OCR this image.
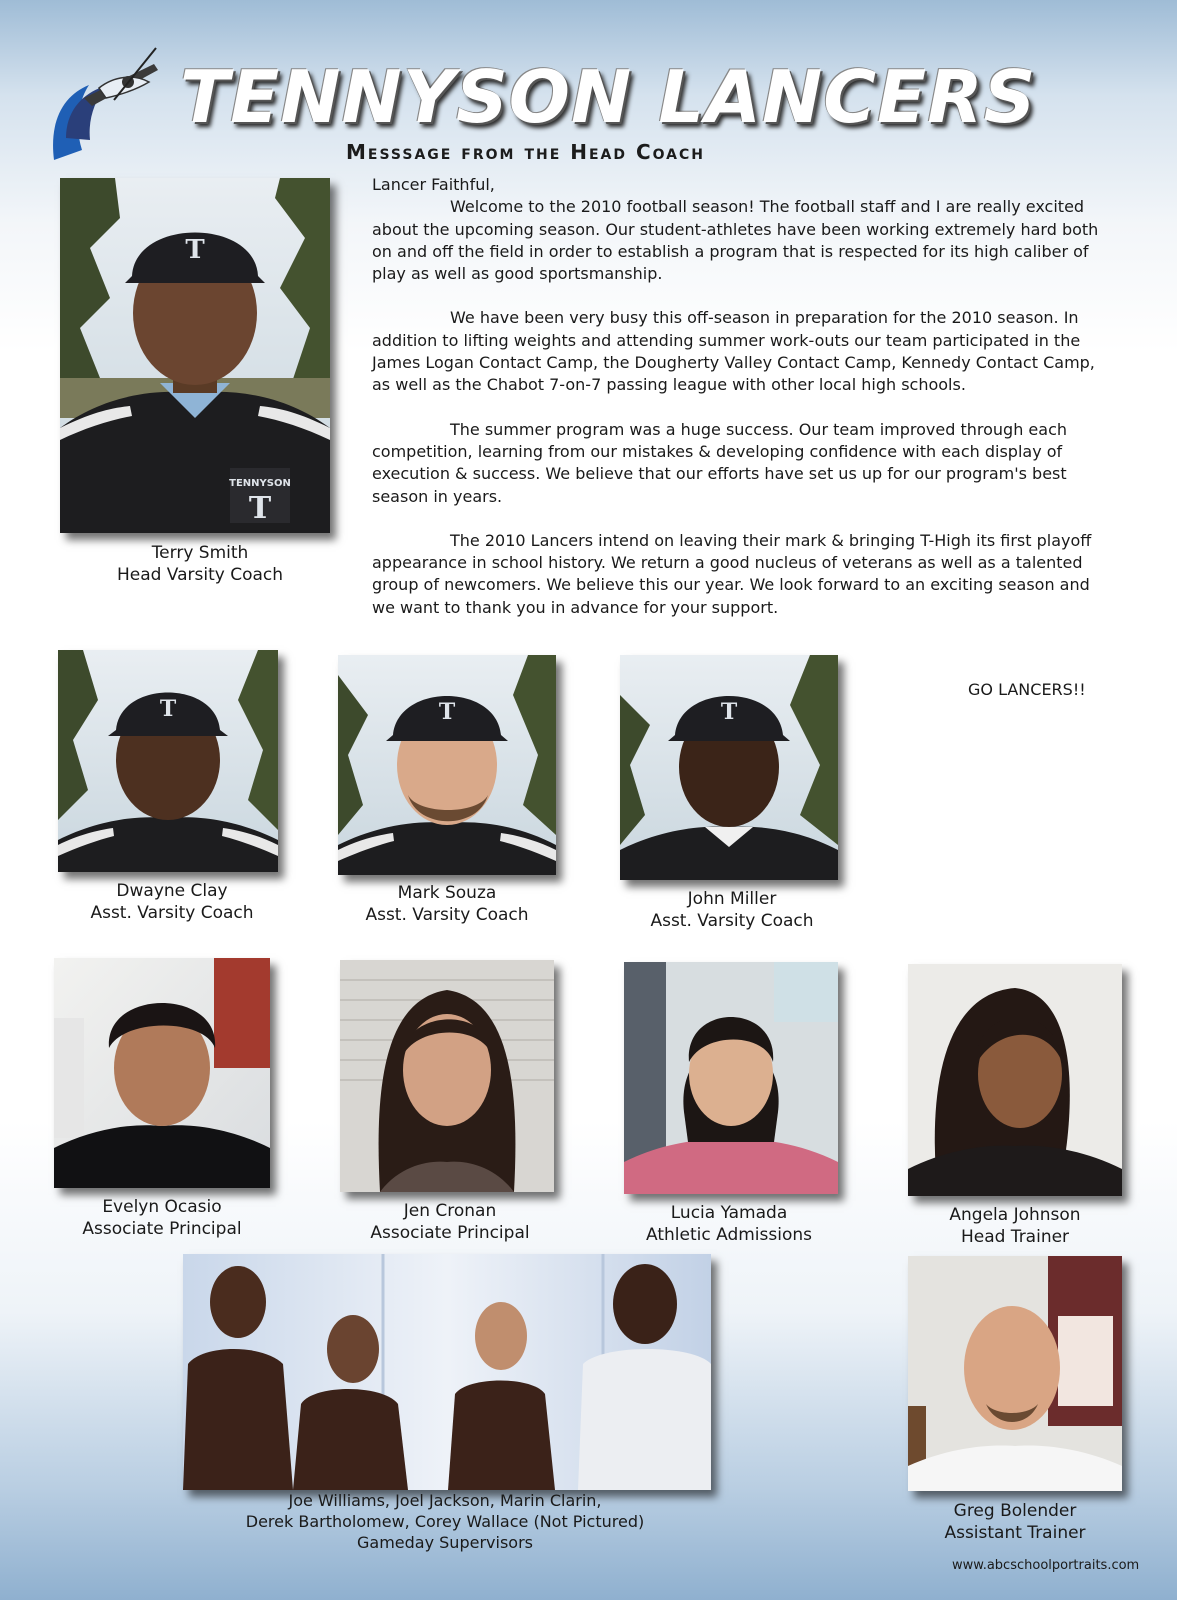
TENNYSON LANCERS
Messsage from the Head Coach

Lancer Faithful,

Welcome to the 2010 football season! The football staff and I are really excited about the upcoming season. Our student-athletes have been working extremely hard both on and off the field in order to establish a program that is respected for its high caliber of play as well as good sportsmanship.

We have been very busy this off-season in preparation for the 2010 season. In addition to lifting weights and attending summer work-outs our team participated in the James Logan Contact Camp, the Dougherty Valley Contact Camp, Kennedy Contact Camp, as well as the Chabot 7-on-7 passing league with other local high schools.

The summer program was a huge success. Our team improved through each competition, learning from our mistakes & developing confidence with each display of execution & success. We believe that our efforts have set us up for our program's best season in years.

The 2010 Lancers intend on leaving their mark & bringing T-High its first playoff appearance in school history. We return a good nucleus of veterans as well as a talented group of newcomers. We believe this our year. We look forward to an exciting season and we want to thank you in advance for your support.

GO LANCERS!!
T
TENNYSON
T
Terry Smith
Head Varsity Coach
T
Dwayne Clay
Asst. Varsity Coach
T
Mark Souza
Asst. Varsity Coach
T
John Miller
Asst. Varsity Coach
Evelyn Ocasio
Associate Principal
Jen Cronan
Associate Principal
Lucia Yamada
Athletic Admissions
Angela Johnson
Head Trainer
Joe Williams, Joel Jackson, Marin Clarin,
Derek Bartholomew, Corey Wallace (Not Pictured)
Gameday Supervisors
Greg Bolender
Assistant Trainer
www.abcschoolportraits.com
